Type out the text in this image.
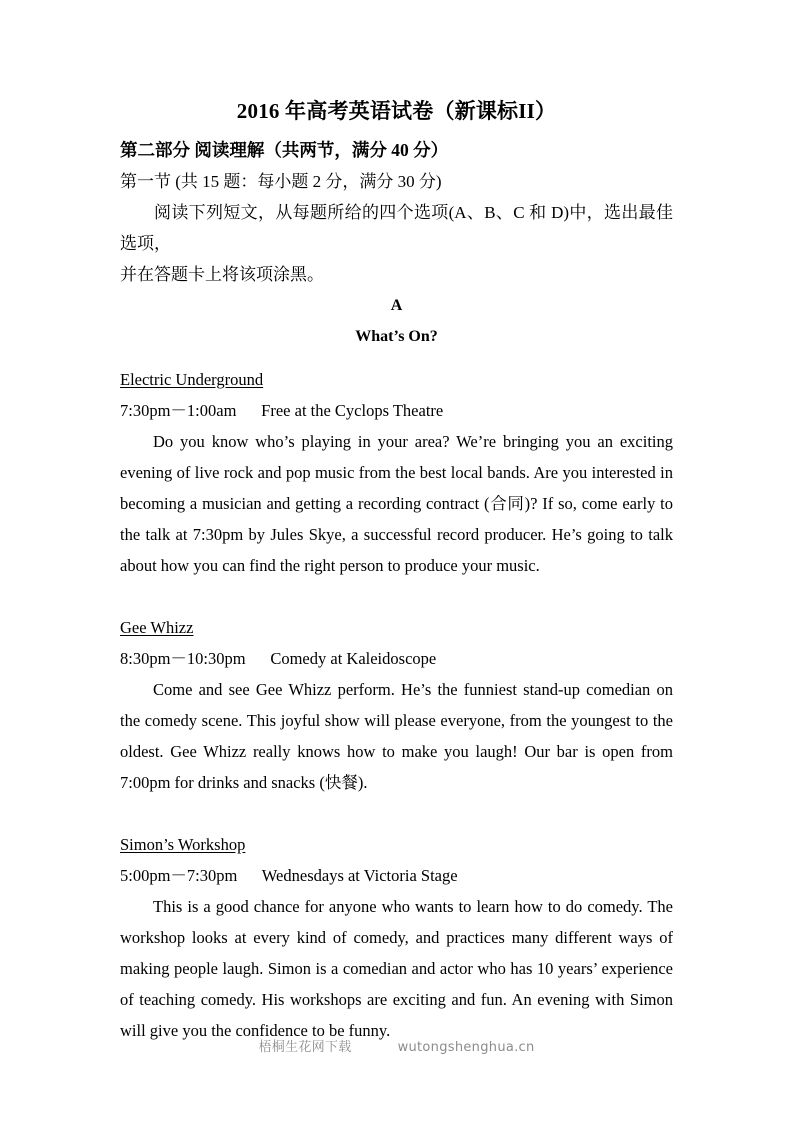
2016 年高考英语试卷（新课标II）

第二部分 阅读理解（共两节，满分 40 分）

第一节 (共 15 题：每小题 2 分，满分 30 分)

阅读下列短文，从每题所给的四个选项(A、B、C 和 D)中，选出最佳选项，

并在答题卡上将该项涂黑。

A

What’s On?

Electric Underground

7:30pm－1:00am Free at the Cyclops Theatre

Do you know who’s playing in your area? We’re bringing you an exciting evening of live rock and pop music from the best local bands. Are you interested in becoming a musician and getting a recording contract (合同)? If so, come early to the talk at 7:30pm by Jules Skye, a successful record producer. He’s going to talk about how you can find the right person to produce your music.

Gee Whizz

8:30pm－10:30pm Comedy at Kaleidoscope

Come and see Gee Whizz perform. He’s the funniest stand-up comedian on the comedy scene. This joyful show will please everyone, from the youngest to the oldest. Gee Whizz really knows how to make you laugh! Our bar is open from 7:00pm for drinks and snacks (快餐).

Simon’s Workshop

5:00pm－7:30pm Wednesdays at Victoria Stage

This is a good chance for anyone who wants to learn how to do comedy. The workshop looks at every kind of comedy, and practices many different ways of making people laugh. Simon is a comedian and actor who has 10 years’ experience of teaching comedy. His workshops are exciting and fun. An evening with Simon will give you the confidence to be funny.

梧桐生花网下载	wutongshenghua.cn
